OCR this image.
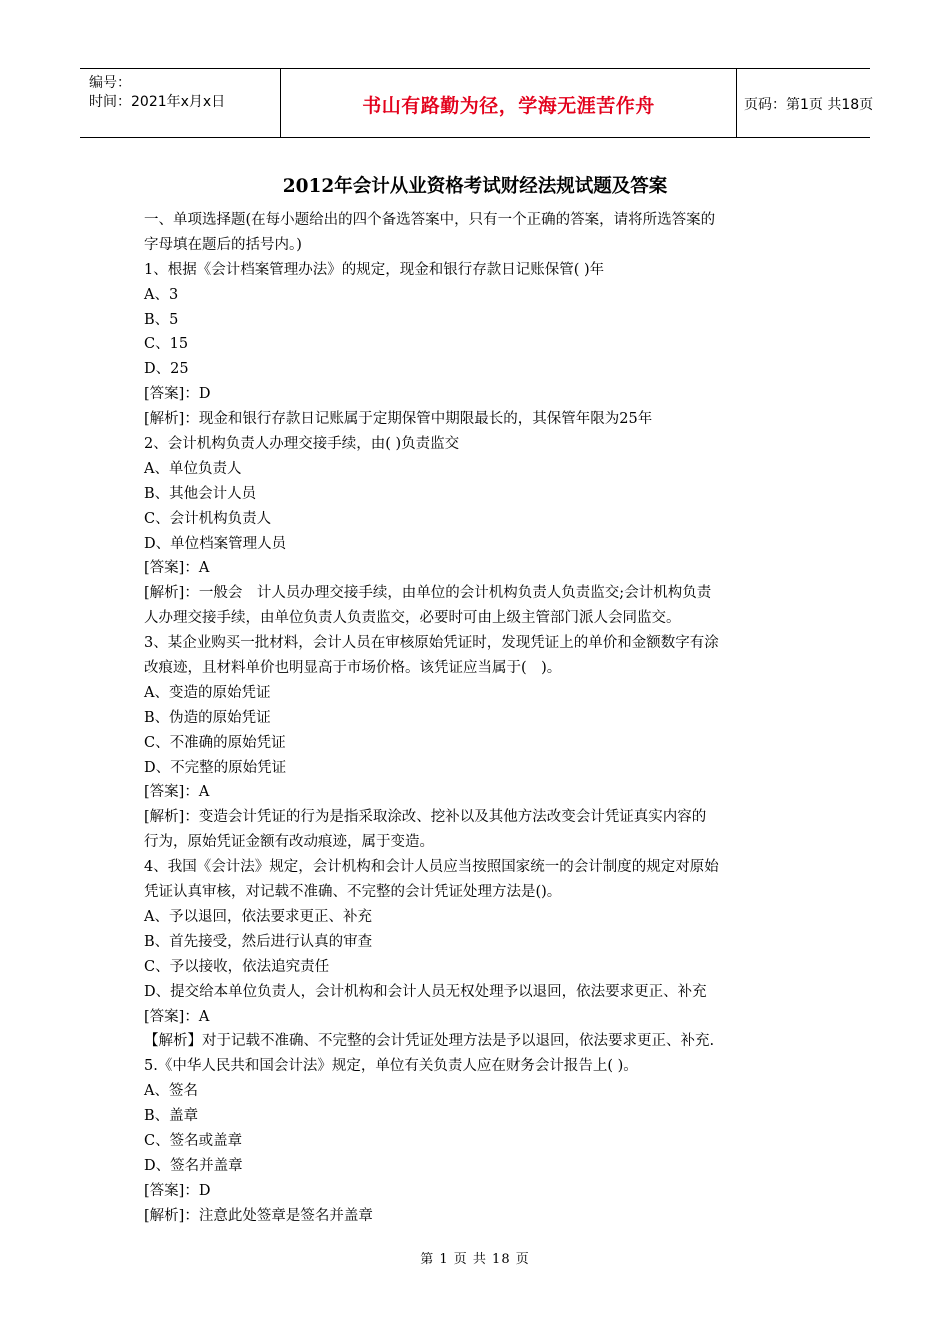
编号：
时间：2021年x月x日	书山有路勤为径，学海无涯苦作舟	页码：第1页 共18页
2012年会计从业资格考试财经法规试题及答案
一、单项选择题(在每小题给出的四个备选答案中，只有一个正确的答案，请将所选答案的
字母填在题后的括号内。)
1、根据《会计档案管理办法》的规定，现金和银行存款日记账保管( )年
A、3
B、5
C、15
D、25
[答案]：D
[解析]：现金和银行存款日记账属于定期保管中期限最长的，其保管年限为25年
2、会计机构负责人办理交接手续，由( )负责监交
A、单位负责人
B、其他会计人员
C、会计机构负责人
D、单位档案管理人员
[答案]：A
[解析]：一般会　计人员办理交接手续，由单位的会计机构负责人负责监交;会计机构负责
人办理交接手续，由单位负责人负责监交，必要时可由上级主管部门派人会同监交。
3、某企业购买一批材料，会计人员在审核原始凭证时，发现凭证上的单价和金额数字有涂
改痕迹，且材料单价也明显高于市场价格。该凭证应当属于(　)。
A、变造的原始凭证
B、伪造的原始凭证
C、不准确的原始凭证
D、不完整的原始凭证
[答案]：A
[解析]：变造会计凭证的行为是指采取涂改、挖补以及其他方法改变会计凭证真实内容的
行为，原始凭证金额有改动痕迹，属于变造。
4、我国《会计法》规定，会计机构和会计人员应当按照国家统一的会计制度的规定对原始
凭证认真审核，对记载不准确、不完整的会计凭证处理方法是()。
A、予以退回，依法要求更正、补充
B、首先接受，然后进行认真的审查
C、予以接收，依法追究责任
D、提交给本单位负责人，会计机构和会计人员无权处理予以退回，依法要求更正、补充
[答案]：A
【解析】对于记载不准确、不完整的会计凭证处理方法是予以退回，依法要求更正、补充.
5.《中华人民共和国会计法》规定，单位有关负责人应在财务会计报告上( )。
A、签名
B、盖章
C、签名或盖章
D、签名并盖章
[答案]：D
[解析]：注意此处签章是签名并盖章
第 1 页 共 18 页
